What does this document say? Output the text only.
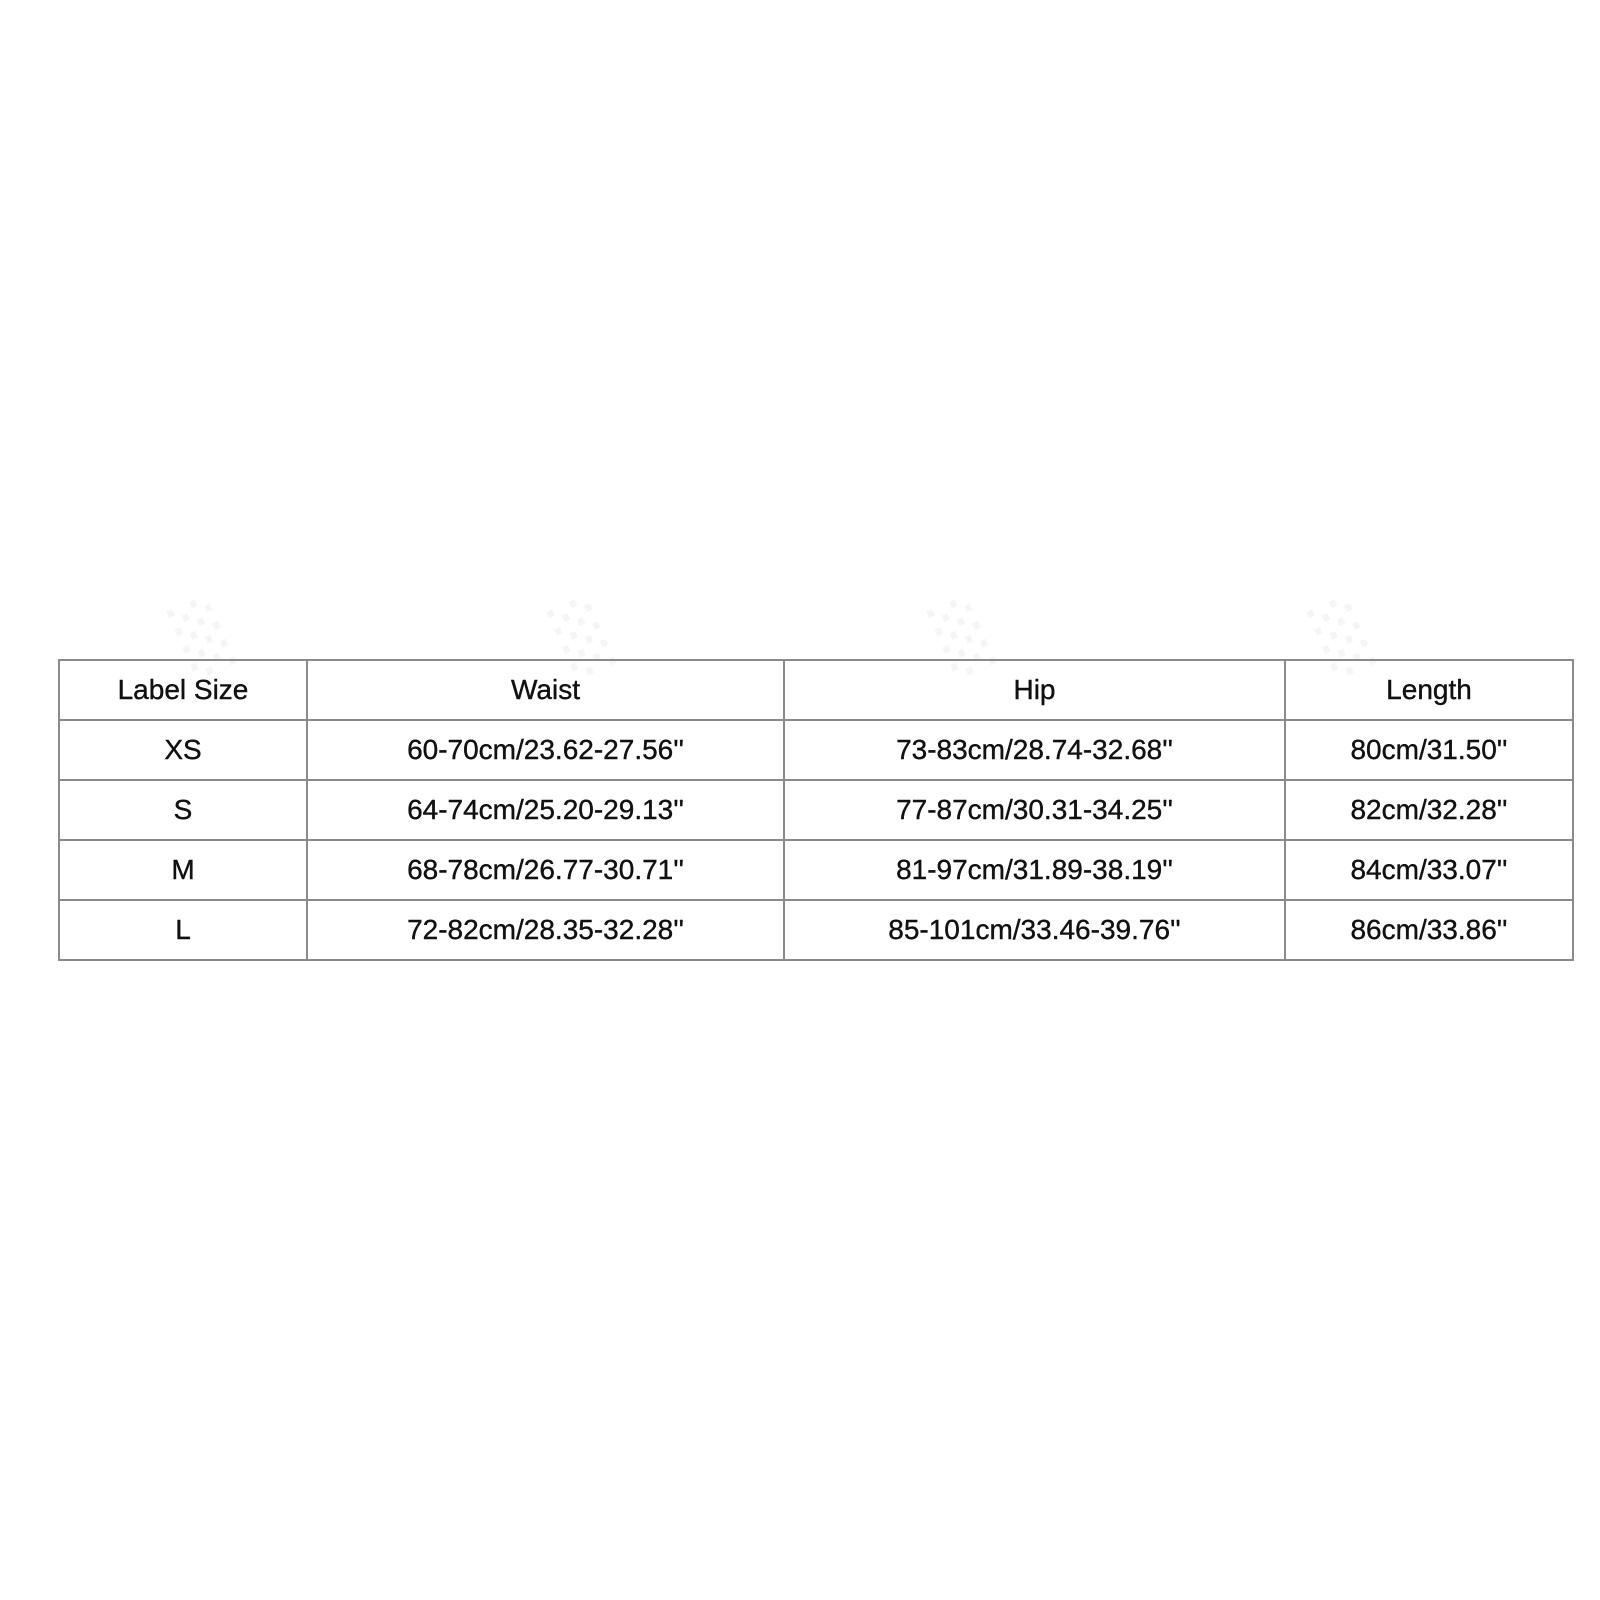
░	░	░	░
Label Size	Waist	Hip	Length
XS	60-70cm/23.62-27.56''	73-83cm/28.74-32.68''	80cm/31.50''
S	64-74cm/25.20-29.13''	77-87cm/30.31-34.25''	82cm/32.28''
M	68-78cm/26.77-30.71''	81-97cm/31.89-38.19''	84cm/33.07''
L	72-82cm/28.35-32.28''	85-101cm/33.46-39.76''	86cm/33.86''
